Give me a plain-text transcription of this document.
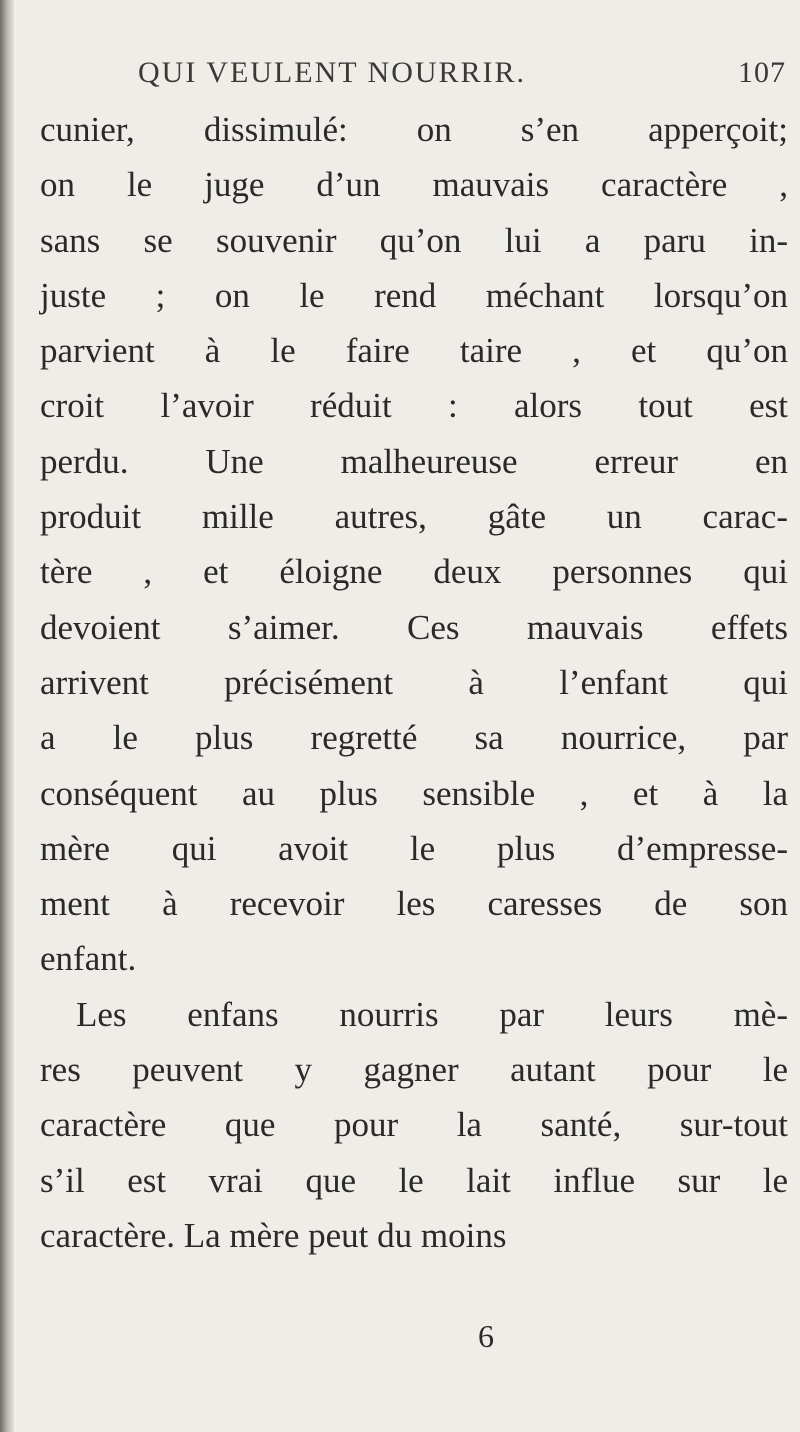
QUI VEULENT NOURRIR.	107
cunier, dissimulé: on s’en apperçoit;
on le juge d’un mauvais caractère ,
sans se souvenir qu’on lui a paru in-
juste ; on le rend méchant lorsqu’on
parvient à le faire taire , et qu’on
croit l’avoir réduit : alors tout est
perdu. Une malheureuse erreur en
produit mille autres, gâte un carac-
tère , et éloigne deux personnes qui
devoient s’aimer. Ces mauvais effets
arrivent précisément à l’enfant qui
a le plus regretté sa nourrice, par
conséquent au plus sensible , et à la
mère qui avoit le plus d’empresse-
ment à recevoir les caresses de son
enfant.
Les enfans nourris par leurs mè-
res peuvent y gagner autant pour le
caractère que pour la santé, sur-tout
s’il est vrai que le lait influe sur le
caractère. La mère peut du moins
6
